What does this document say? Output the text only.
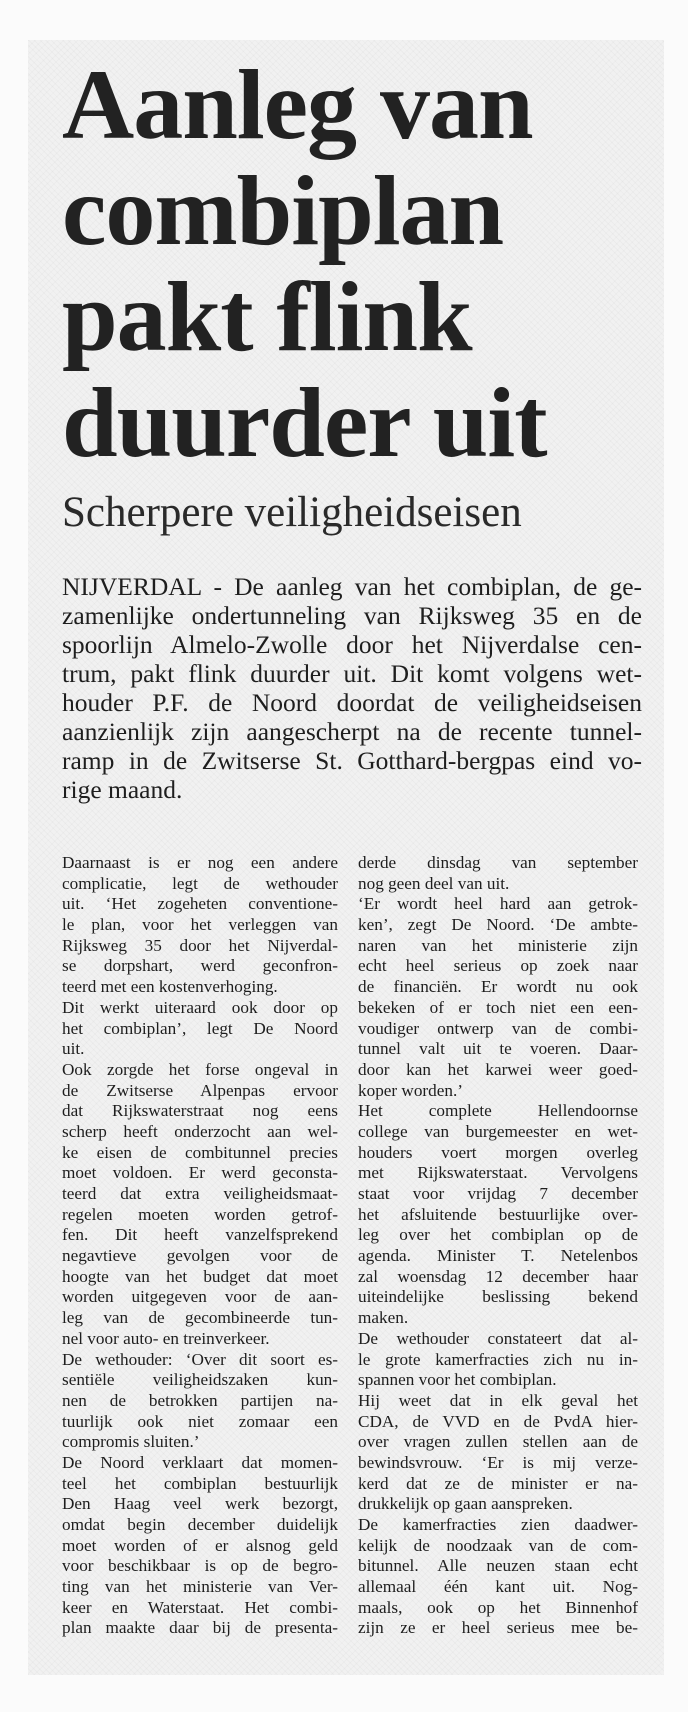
Aanleg van
combiplan
pakt flink
duurder uit
Scherpere veiligheidseisen
NIJVERDAL - De aanleg van het combiplan, de ge-
zamenlijke ondertunneling van Rijksweg 35 en de
spoorlijn Almelo-Zwolle door het Nijverdalse cen-
trum, pakt flink duurder uit. Dit komt volgens wet-
houder P.F. de Noord doordat de veiligheidseisen
aanzienlijk zijn aangescherpt na de recente tunnel-
ramp in de Zwitserse St. Gotthard-bergpas eind vo-
rige maand.
Daarnaast is er nog een andere
complicatie, legt de wethouder
uit. ‘Het zogeheten conventione-
le plan, voor het verleggen van
Rijksweg 35 door het Nijverdal-
se dorpshart, werd geconfron-
teerd met een kostenverhoging.
Dit werkt uiteraard ook door op
het combiplan’, legt De Noord
uit.
Ook zorgde het forse ongeval in
de Zwitserse Alpenpas ervoor
dat Rijkswaterstraat nog eens
scherp heeft onderzocht aan wel-
ke eisen de combitunnel precies
moet voldoen. Er werd geconsta-
teerd dat extra veiligheidsmaat-
regelen moeten worden getrof-
fen. Dit heeft vanzelfsprekend
negavtieve gevolgen voor de
hoogte van het budget dat moet
worden uitgegeven voor de aan-
leg van de gecombineerde tun-
nel voor auto- en treinverkeer.
De wethouder: ‘Over dit soort es-
sentiële veiligheidszaken kun-
nen de betrokken partijen na-
tuurlijk ook niet zomaar een
compromis sluiten.’
De Noord verklaart dat momen-
teel het combiplan bestuurlijk
Den Haag veel werk bezorgt,
omdat begin december duidelijk
moet worden of er alsnog geld
voor beschikbaar is op de begro-
ting van het ministerie van Ver-
keer en Waterstaat. Het combi-
plan maakte daar bij de presenta-
derde dinsdag van september
nog geen deel van uit.
‘Er wordt heel hard aan getrok-
ken’, zegt De Noord. ‘De ambte-
naren van het ministerie zijn
echt heel serieus op zoek naar
de financiën. Er wordt nu ook
bekeken of er toch niet een een-
voudiger ontwerp van de combi-
tunnel valt uit te voeren. Daar-
door kan het karwei weer goed-
koper worden.’
Het complete Hellendoornse
college van burgemeester en wet-
houders voert morgen overleg
met Rijkswaterstaat. Vervolgens
staat voor vrijdag 7 december
het afsluitende bestuurlijke over-
leg over het combiplan op de
agenda. Minister T. Netelenbos
zal woensdag 12 december haar
uiteindelijke beslissing bekend
maken.
De wethouder constateert dat al-
le grote kamerfracties zich nu in-
spannen voor het combiplan.
Hij weet dat in elk geval het
CDA, de VVD en de PvdA hier-
over vragen zullen stellen aan de
bewindsvrouw. ‘Er is mij verze-
kerd dat ze de minister er na-
drukkelijk op gaan aanspreken.
De kamerfracties zien daadwer-
kelijk de noodzaak van de com-
bitunnel. Alle neuzen staan echt
allemaal één kant uit. Nog-
maals, ook op het Binnenhof
zijn ze er heel serieus mee be-
